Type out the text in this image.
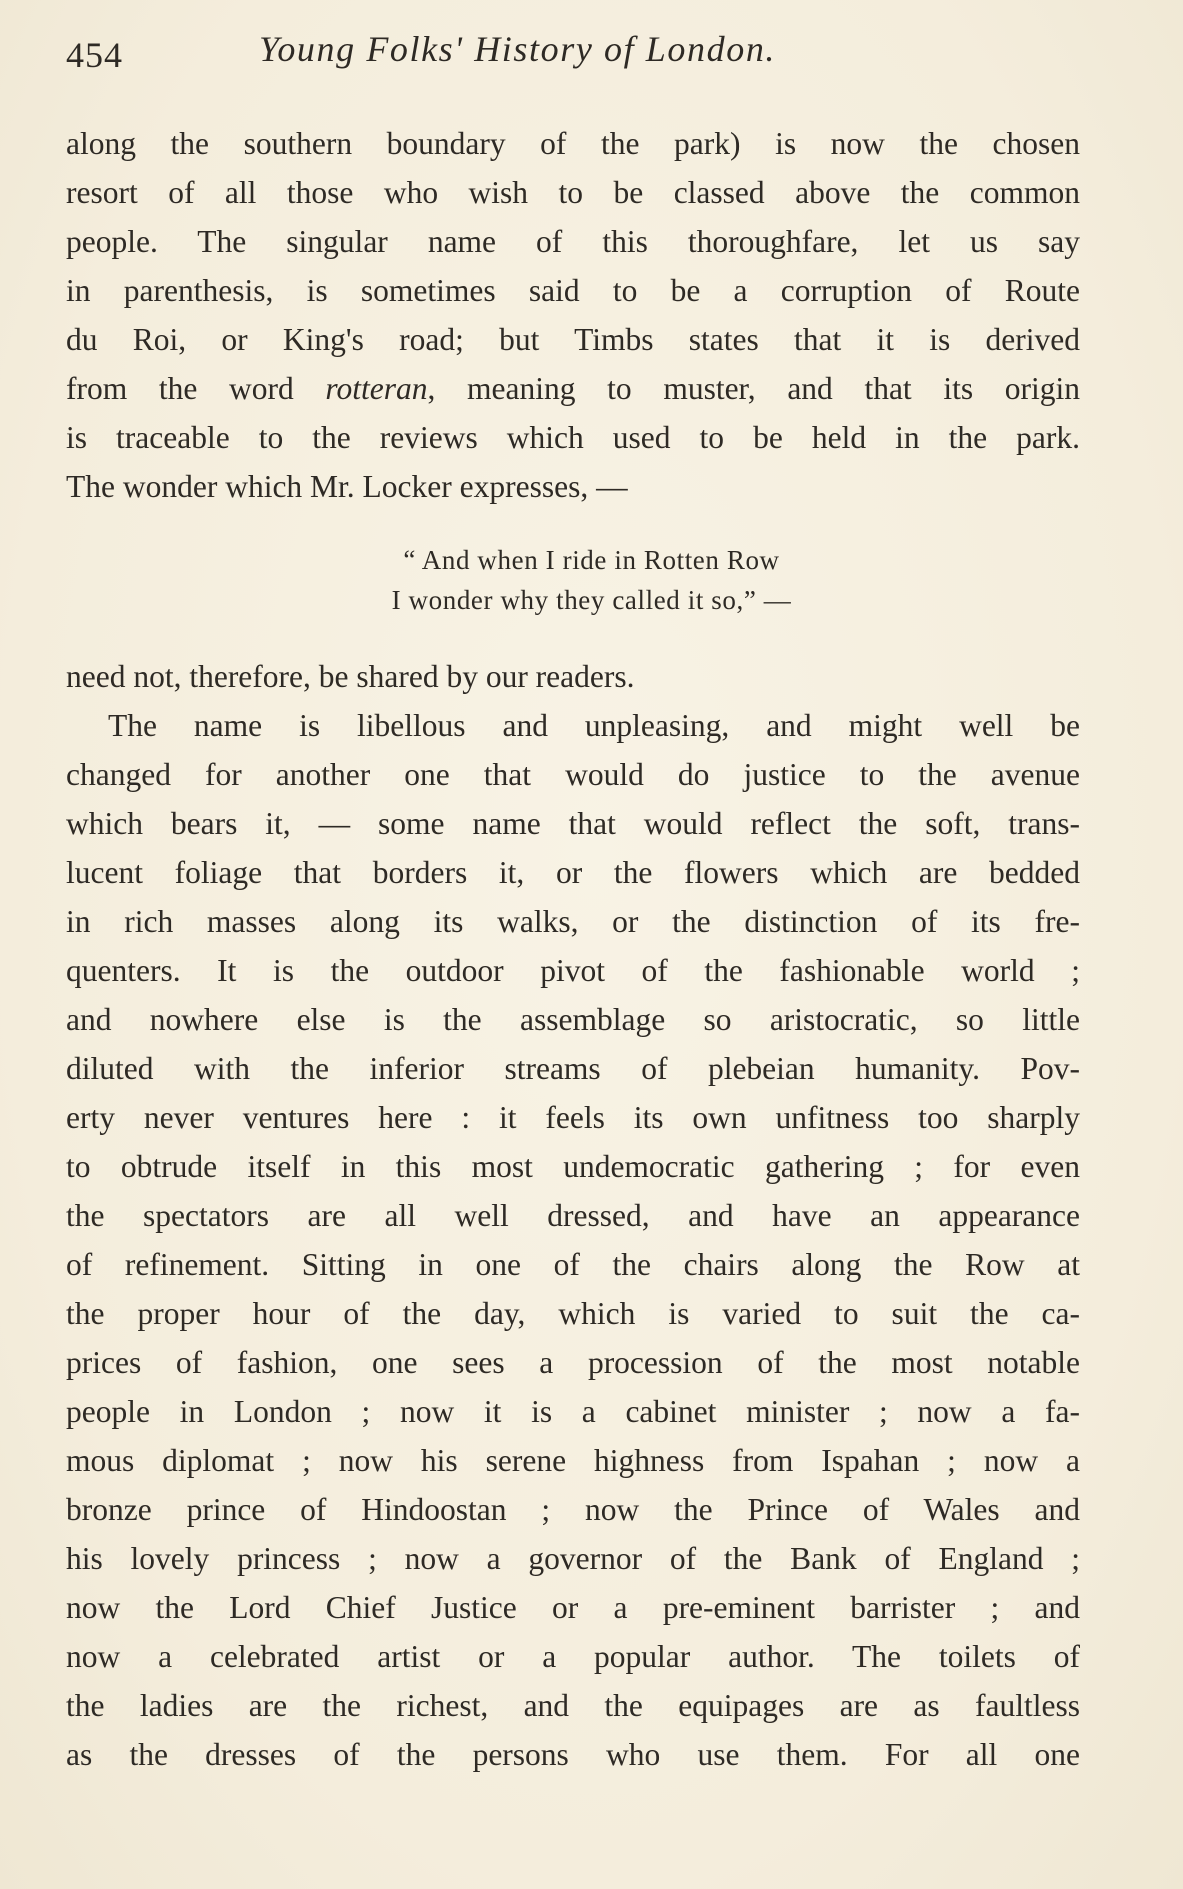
454	Young Folks' History of London.
along the southern boundary of the park) is now the chosen
resort of all those who wish to be classed above the common
people. The singular name of this thoroughfare, let us say
in parenthesis, is sometimes said to be a corruption of Route
du Roi, or King's road; but Timbs states that it is derived
from the word rotteran, meaning to muster, and that its origin
is traceable to the reviews which used to be held in the park.
The wonder which Mr. Locker expresses, —
“ And when I ride in Rotten Row
I wonder why they called it so,” —
need not, therefore, be shared by our readers.
The name is libellous and unpleasing, and might well be
changed for another one that would do justice to the avenue
which bears it, — some name that would reflect the soft, trans-
lucent foliage that borders it, or the flowers which are bedded
in rich masses along its walks, or the distinction of its fre-
quenters. It is the outdoor pivot of the fashionable world ;
and nowhere else is the assemblage so aristocratic, so little
diluted with the inferior streams of plebeian humanity. Pov-
erty never ventures here : it feels its own unfitness too sharply
to obtrude itself in this most undemocratic gathering ; for even
the spectators are all well dressed, and have an appearance
of refinement. Sitting in one of the chairs along the Row at
the proper hour of the day, which is varied to suit the ca-
prices of fashion, one sees a procession of the most notable
people in London ; now it is a cabinet minister ; now a fa-
mous diplomat ; now his serene highness from Ispahan ; now a
bronze prince of Hindoostan ; now the Prince of Wales and
his lovely princess ; now a governor of the Bank of England ;
now the Lord Chief Justice or a pre-eminent barrister ; and
now a celebrated artist or a popular author. The toilets of
the ladies are the richest, and the equipages are as faultless
as the dresses of the persons who use them. For all one
